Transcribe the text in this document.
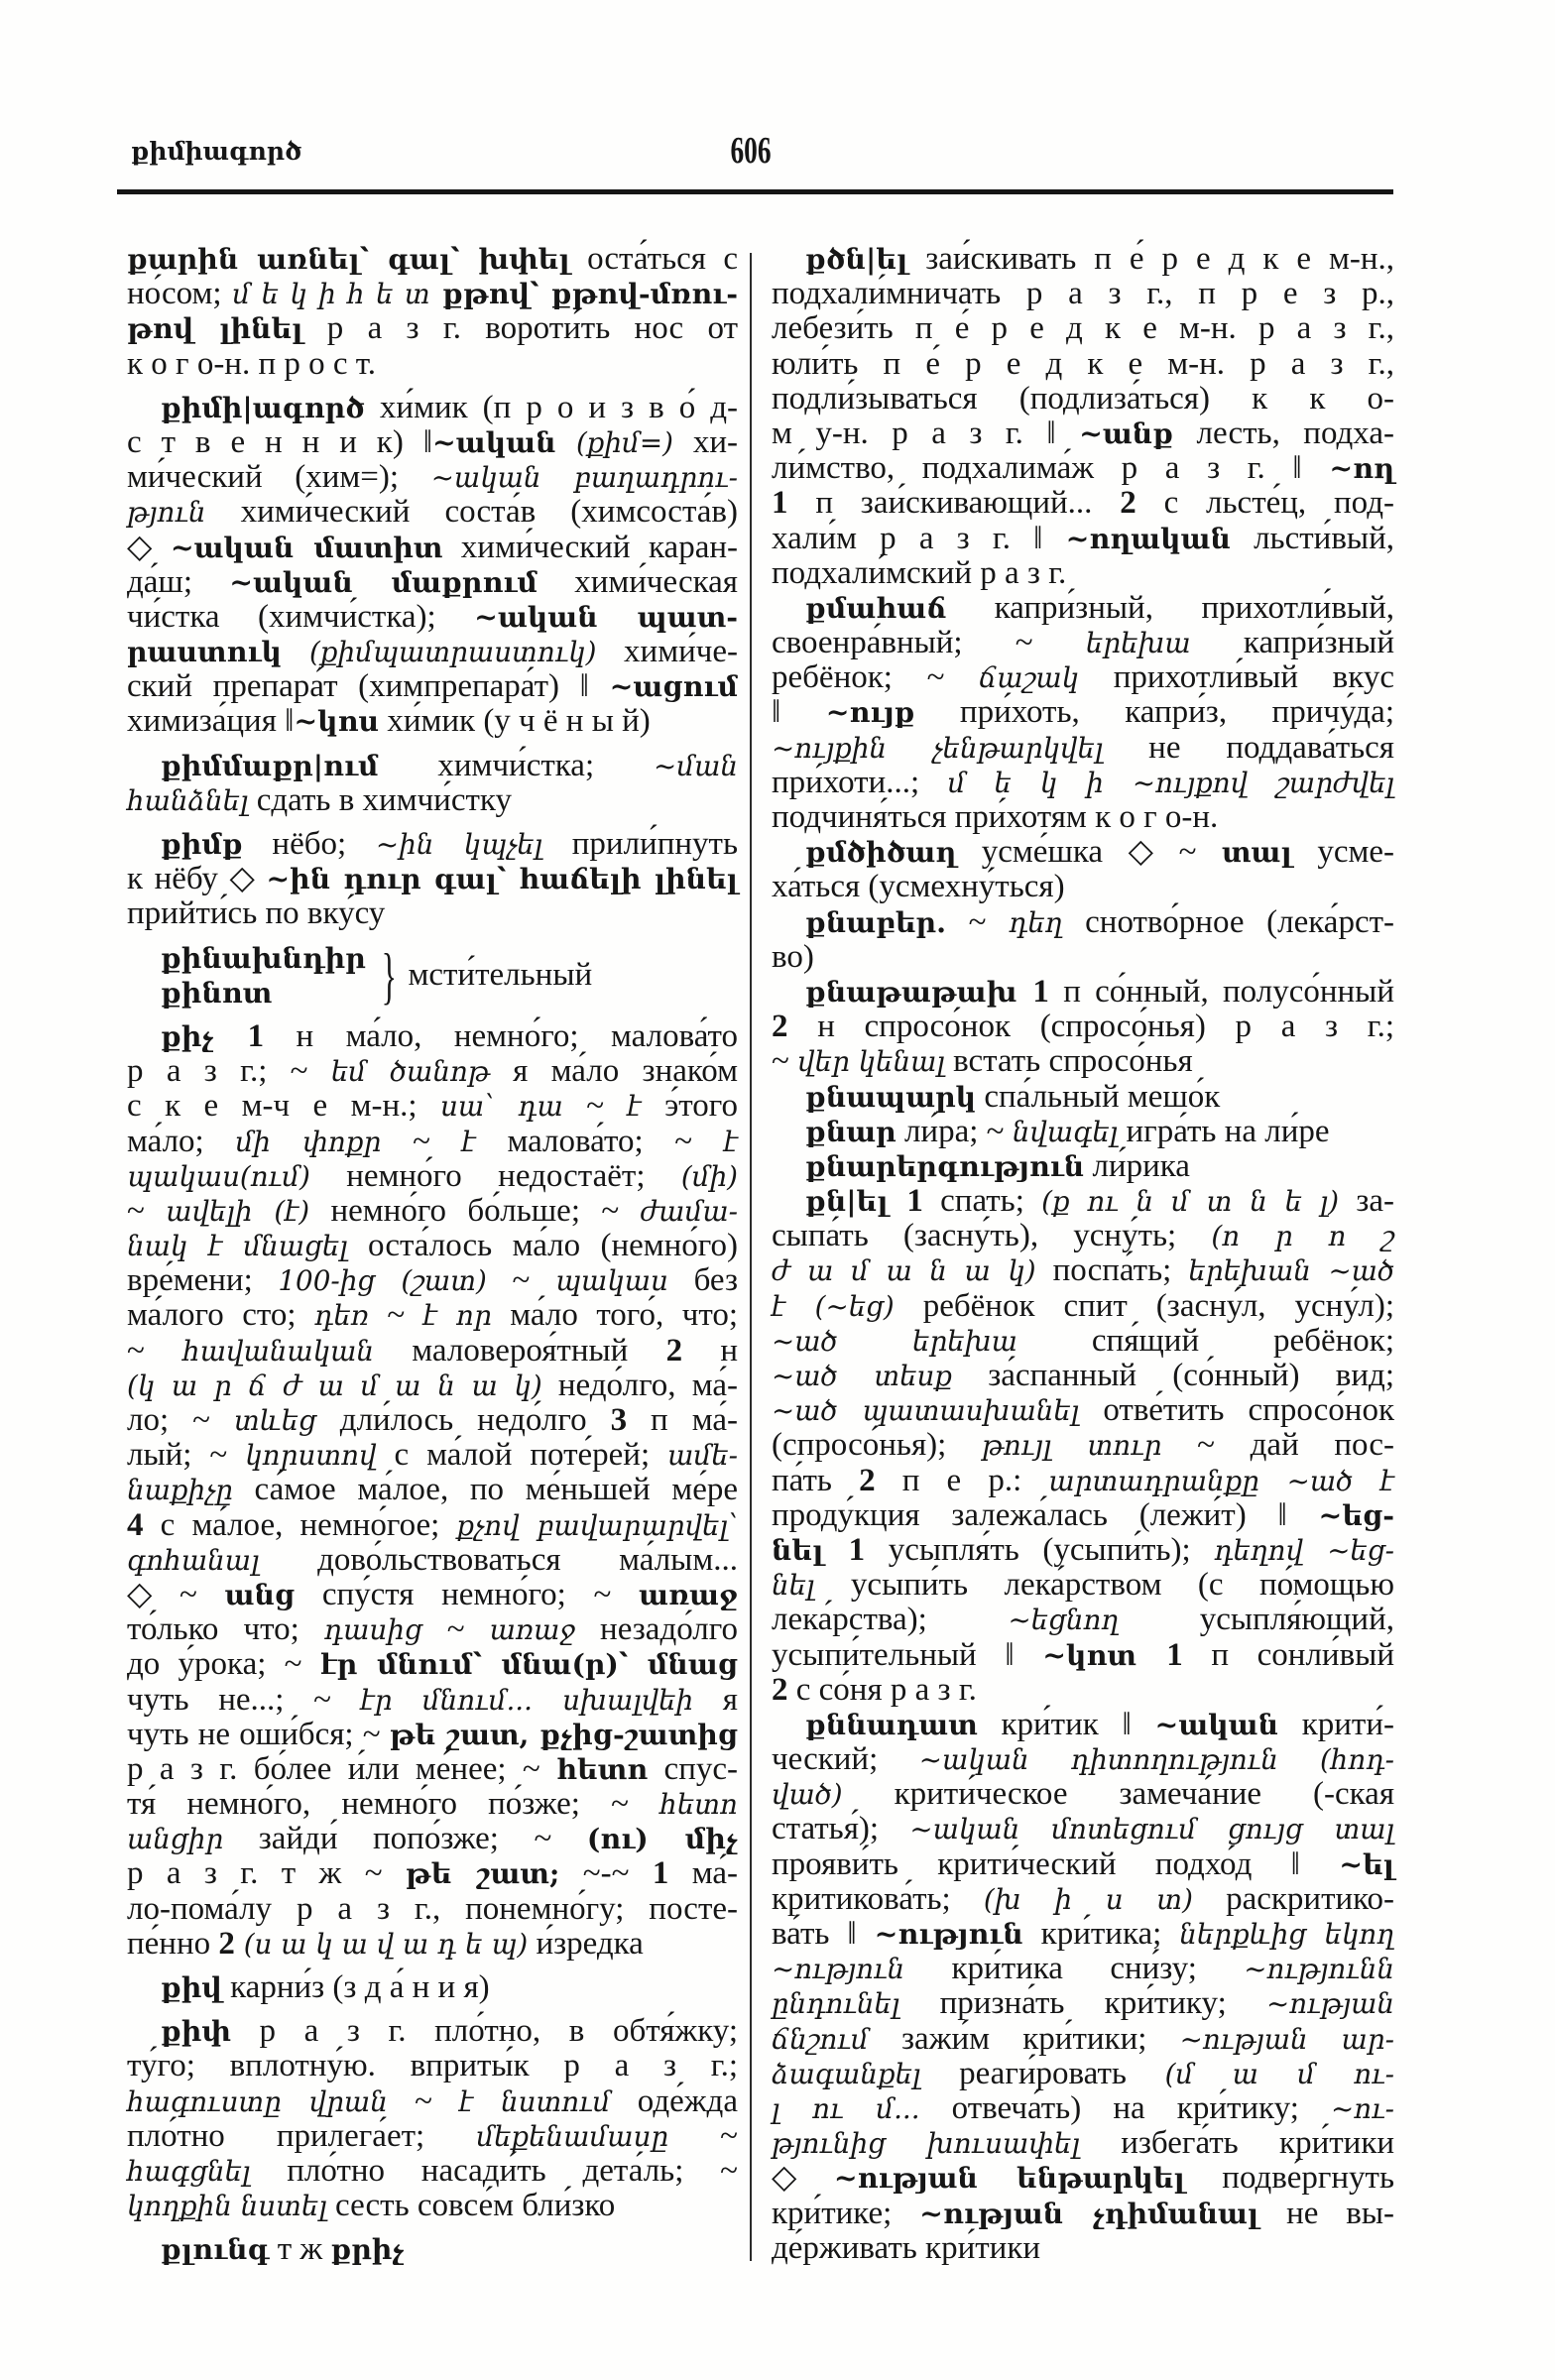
քիմիագործ	606
քարին առնել՝ գալ՝ խփել оста́ться с
но́сом; մ ե կ ի հ ե տ քթով՝ քթով-մռու-
թով լինել р а з г. вороти́ть нос от
к о г о-н. п р о с т.
քիմի|ագործ хи́мик (п р о и з в о́ д-
с т в е н н и к) ‖~ական (քիմ=) хи-
ми́ческий (хим=); ~ական բաղադրու-
թյուն хими́ческий соста́в (химсоста́в)
◇ ~ական մատիտ хими́ческий каран-
да́ш; ~ական մաքրում хими́ческая
чи́стка (химчи́стка); ~ական պատ-
րաստուկ (քիմպատրաստուկ) хими́че-
ский препара́т (химпрепара́т) ‖ ~ացում
химиза́ция ‖~կոս хи́мик (у ч ё н ы й)
քիմմաքր|ում химчи́стка; ~ման
հանձնել сдать в химчи́стку
քիմք нёбо; ~ին կպչել прили́пнуть
к нёбу ◇ ~ին դուր գալ՝ հաճելի լինել
прийти́сь по вку́су
քինախնդիր
քինոտ	} мсти́тельный
քիչ 1 н ма́ло, немно́го; малова́то
р а з г.; ~ եմ ծանոթ я ма́ло знако́м
с к е м-ч е м-н.; սա՝ դա ~ է э́того
ма́ло; մի փոքր ~ է малова́то; ~ է
պակաս(ում) немно́го недостаёт; (մի)
~ ավելի (է) немно́го бо́льше; ~ ժամա-
նակ է մնացել оста́лось ма́ло (немно́го)
вре́мени; 100-ից (շատ) ~ պակաս без
ма́лого сто; դեռ ~ է որ ма́ло того́, что;
~ հավանական маловероя́тный 2 н
(կ ա ր ճ ժ ա մ ա ն ա կ) недо́лго, ма́-
ло; ~ տևեց дли́лось недо́лго 3 п ма́-
лый; ~ կորստով с ма́лой поте́рей; ամե-
նաքիչը са́мое ма́лое, по ме́ньшей ме́ре
4 с ма́лое, немно́гое; քչով բավարարվել՝
գոհանալ дово́льствоваться ма́лым...
◇ ~ անց спу́стя немно́го; ~ առաջ
то́лько что; դասից ~ առաջ незадо́лго
до у́рока; ~ էր մնում՝ մնա(ր)՝ մնաց
чуть не...; ~ էր մնում... սխալվեի я
чуть не оши́бся; ~ թե շատ, քչից-շատից
р а з г. бо́лее и́ли ме́нее; ~ հետո спус-
тя́ немно́го, немно́го по́зже; ~ հետո
անցիր зайди́ попо́зже; ~ (ու) միչ
р а з г. т ж ~ թե շատ; ~-~ 1 ма́-
ло-пома́лу р а з г., понемно́гу; посте-
пе́нно 2 (ս ա կ ա վ ա դ ե պ) и́зредка
քիվ карни́з (з д а́ н и я)
քիփ р а з г. пло́тно, в обтя́жку;
ту́го; вплотну́ю. вприты́к р а з г.;
հագուստը վրան ~ է նստում оде́жда
пло́тно прилега́ет; մեքենամասը ~
հագցնել пло́тно насади́ть дета́ль; ~
կողքին նստել сесть совсе́м бли́зко
քլունգ т ж քրիչ
քծն|ել заи́скивать п е́ р е д к е м-н.,
подхали́мничать р а з г., п р е з р.,
лебези́ть п е́ р е д к е м-н. р а з г.,
юли́ть п е́ р е д к е м-н. р а з г.,
подли́зываться (подлиза́ться) к к о-
м у-н. р а з г. ‖ ~անք лесть, подха-
ли́мство, подхалима́ж р а з г. ‖ ~ող
1 п заи́скивающий... 2 с льсте́ц, под-
хали́м р а з г. ‖ ~ողական льсти́вый,
подхали́мский р а з г.
քմահաճ капри́зный, прихотли́вый,
своенра́вный; ~ երեխա капри́зный
ребёнок; ~ ճաշակ прихотли́вый вкус
‖ ~ույք при́хоть, капри́з, причу́да;
~ույքին չենթարկվել не поддава́ться
при́хоти...; մ ե կ ի ~ույքով շարժվել
подчиня́ться при́хотям к о г о-н.
քմծիծաղ усме́шка ◇ ~ տալ усме-
ха́ться (усмехну́ться)
քնաբեր. ~ դեղ снотво́рное (лека́рст-
во)
քնաթաթախ 1 п со́нный, полусо́нный
2 н спросо́нок (спросо́нья) р а з г.;
~ վեր կենալ встать спросо́нья
քնապարկ спа́льный мешо́к
քնար ли́ра; ~ նվագել игра́ть на ли́ре
քնարերգություն ли́рика
քն|ել 1 спать; (ք ու ն մ տ ն ե լ) за-
сыпа́ть (засну́ть), усну́ть; (ո ր ո շ
ժ ա մ ա ն ա կ) поспа́ть; երեխան ~ած
է (~եց) ребёнок спит (засну́л, усну́л);
~ած երեխա спя́щий ребёнок;
~ած տեսք за́спанный (со́нный) вид;
~ած պատասխանել отве́тить спросо́нок
(спросо́нья); թույլ տուր ~ дай пос-
па́ть 2 п е р.: արտադրանքը ~ած է
проду́кция залежа́лась (лежи́т) ‖ ~եց-
նել 1 усыпля́ть (усыпи́ть); դեղով ~եց-
նել усыпи́ть лека́рством (с по́мощью
лека́рства); ~եցնող усыпля́ющий,
усыпи́тельный ‖ ~կոտ 1 п сонли́вый
2 с со́ня р а з г.
քննադատ кри́тик ‖ ~ական крити́-
ческий; ~ական դիտողություն (հոդ-
ված) крити́ческое замеча́ние (-ская
статья́); ~ական մոտեցում ցույց տալ
прояви́ть крити́ческий подхо́д ‖ ~ել
критикова́ть; (խ ի ս տ) раскритико-
ва́ть ‖ ~ություն кри́тика; ներքևից եկող
~ություն кри́тика сни́зу; ~ությունն
ընդունել призна́ть кри́тику; ~ության
ճնշում зажи́м кри́тики; ~ության ար-
ձագանքել реаги́ровать (մ ա մ ու-
լ ու մ... отвеча́ть) на кри́тику; ~ու-
թյունից խուսափել избега́ть кри́тики
◇ ~ության ենթարկել подве́ргнуть
кри́тике; ~ության չդիմանալ не вы-
де́рживать кри́тики
